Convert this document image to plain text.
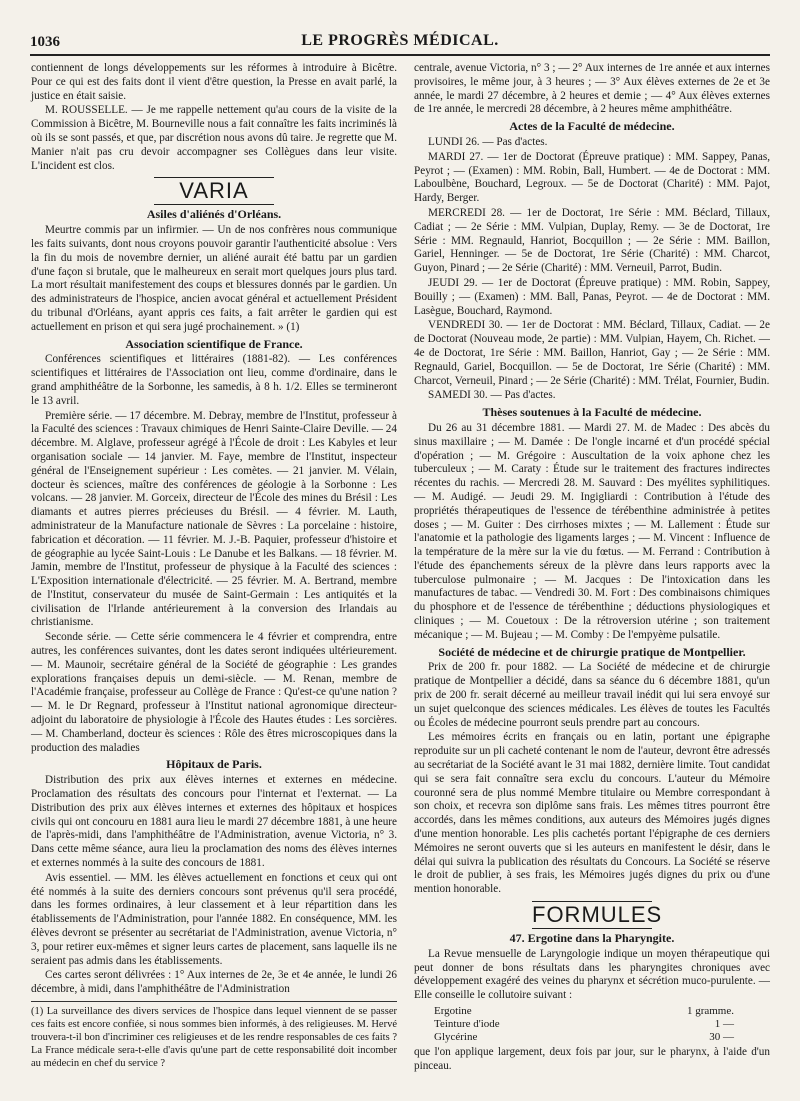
1036	LE PROGRÈS MÉDICAL.

contiennent de longs développements sur les réformes à introduire à Bicêtre. Pour ce qui est des faits dont il vient d'être question, la Presse en avait parlé, la justice en était saisie.

M. ROUSSELLE. — Je me rappelle nettement qu'au cours de la visite de la Commission à Bicêtre, M. Bourneville nous a fait connaître les faits incriminés là où ils se sont passés, et que, par discrétion nous avons dû taire. Je regrette que M. Manier n'ait pas cru devoir accompagner ses Collègues dans leur visite. L'incident est clos.

VARIA
Asiles d'aliénés d'Orléans.

Meurtre commis par un infirmier. — Un de nos confrères nous communique les faits suivants, dont nous croyons pouvoir garantir l'authenticité absolue : Vers la fin du mois de novembre dernier, un aliéné aurait été battu par un gardien d'une façon si brutale, que le malheureux en serait mort quelques jours plus tard. La mort résultait manifestement des coups et blessures donnés par le gardien. Un des administrateurs de l'hospice, ancien avocat général et actuellement Président du tribunal d'Orléans, ayant appris ces faits, a fait arrêter le gardien qui est actuellement en prison et qui sera jugé prochainement. » (1)

Association scientifique de France.

Conférences scientifiques et littéraires (1881-82). — Les conférences scientifiques et littéraires de l'Association ont lieu, comme d'ordinaire, dans le grand amphithéâtre de la Sorbonne, les samedis, à 8 h. 1/2. Elles se termineront le 13 avril.

Première série. — 17 décembre. M. Debray, membre de l'Institut, professeur à la Faculté des sciences : Travaux chimiques de Henri Sainte-Claire Deville. — 24 décembre. M. Alglave, professeur agrégé à l'École de droit : Les Kabyles et leur organisation sociale — 14 janvier. M. Faye, membre de l'Institut, inspecteur général de l'Enseignement supérieur : Les comètes. — 21 janvier. M. Vélain, docteur ès sciences, maître des conférences de géologie à la Sorbonne : Les volcans. — 28 janvier. M. Gorceix, directeur de l'École des mines du Brésil : Les diamants et autres pierres précieuses du Brésil. — 4 février. M. Lauth, administrateur de la Manufacture nationale de Sèvres : La porcelaine : histoire, fabrication et décoration. — 11 février. M. J.-B. Paquier, professeur d'histoire et de géographie au lycée Saint-Louis : Le Danube et les Balkans. — 18 février. M. Jamin, membre de l'Institut, professeur de physique à la Faculté des sciences : L'Exposition internationale d'électricité. — 25 février. M. A. Bertrand, membre de l'Institut, conservateur du musée de Saint-Germain : Les antiquités et la civilisation de l'Irlande antérieurement à la conversion des Irlandais au christianisme.

Seconde série. — Cette série commencera le 4 février et comprendra, entre autres, les conférences suivantes, dont les dates seront indiquées ultérieurement. — M. Maunoir, secrétaire général de la Société de géographie : Les grandes explorations françaises depuis un demi-siècle. — M. Renan, membre de l'Académie française, professeur au Collège de France : Qu'est-ce qu'une nation ? — M. le Dr Regnard, professeur à l'Institut national agronomique directeur-adjoint du laboratoire de physiologie à l'École des Hautes études : Les sorcières. — M. Chamberland, docteur ès sciences : Rôle des êtres microscopiques dans la production des maladies

Hôpitaux de Paris.

Distribution des prix aux élèves internes et externes en médecine. Proclamation des résultats des concours pour l'internat et l'externat. — La Distribution des prix aux élèves internes et externes des hôpitaux et hospices civils qui ont concouru en 1881 aura lieu le mardi 27 décembre 1881, à une heure de l'après-midi, dans l'amphithéâtre de l'Administration, avenue Victoria, n° 3. Dans cette même séance, aura lieu la proclamation des noms des élèves internes et externes nommés à la suite des concours de 1881.

Avis essentiel. — MM. les élèves actuellement en fonctions et ceux qui ont été nommés à la suite des derniers concours sont prévenus qu'il sera procédé, dans les formes ordinaires, à leur classement et à leur répartition dans les établissements de l'Administration, pour l'année 1882. En conséquence, MM. les élèves devront se présenter au secrétariat de l'Administration, avenue Victoria, n° 3, pour retirer eux-mêmes et signer leurs cartes de placement, sans laquelle ils ne seraient pas admis dans les établissements.

Ces cartes seront délivrées : 1° Aux internes de 2e, 3e et 4e année, le lundi 26 décembre, à midi, dans l'amphithéâtre de l'Administration

(1) La surveillance des divers services de l'hospice dans lequel viennent de se passer ces faits est encore confiée, si nous sommes bien informés, à des religieuses. M. Hervé trouvera-t-il bon d'incriminer ces religieuses et de les rendre responsables de ces faits ? La France médicale sera-t-elle d'avis qu'une part de cette responsabilité doit incomber au médecin en chef du service ?

centrale, avenue Victoria, n° 3 ; — 2° Aux internes de 1re année et aux internes provisoires, le même jour, à 3 heures ; — 3° Aux élèves externes de 2e et 3e année, le mardi 27 décembre, à 2 heures et demie ; — 4° Aux élèves externes de 1re année, le mercredi 28 décembre, à 2 heures même amphithéâtre.

Actes de la Faculté de médecine.

LUNDI 26. — Pas d'actes.

MARDI 27. — 1er de Doctorat (Épreuve pratique) : MM. Sappey, Panas, Peyrot ; — (Examen) : MM. Robin, Ball, Humbert. — 4e de Doctorat : MM. Laboulbène, Bouchard, Legroux. — 5e de Doctorat (Charité) : MM. Pajot, Hardy, Berger.

MERCREDI 28. — 1er de Doctorat, 1re Série : MM. Béclard, Tillaux, Cadiat ; — 2e Série : MM. Vulpian, Duplay, Remy. — 3e de Doctorat, 1re Série : MM. Regnauld, Hanriot, Bocquillon ; — 2e Série : MM. Baillon, Gariel, Henninger. — 5e de Doctorat, 1re Série (Charité) : MM. Charcot, Guyon, Pinard ; — 2e Série (Charité) : MM. Verneuil, Parrot, Budin.

JEUDI 29. — 1er de Doctorat (Épreuve pratique) : MM. Robin, Sappey, Bouilly ; — (Examen) : MM. Ball, Panas, Peyrot. — 4e de Doctorat : MM. Lasègue, Bouchard, Raymond.

VENDREDI 30. — 1er de Doctorat : MM. Béclard, Tillaux, Cadiat. — 2e de Doctorat (Nouveau mode, 2e partie) : MM. Vulpian, Hayem, Ch. Richet. — 4e de Doctorat, 1re Série : MM. Baillon, Hanriot, Gay ; — 2e Série : MM. Regnauld, Gariel, Bocquillon. — 5e de Doctorat, 1re Série (Charité) : MM. Charcot, Verneuil, Pinard ; — 2e Série (Charité) : MM. Trélat, Fournier, Budin.

SAMEDI 30. — Pas d'actes.

Thèses soutenues à la Faculté de médecine.

Du 26 au 31 décembre 1881. — Mardi 27. M. de Madec : Des abcès du sinus maxillaire ; — M. Damée : De l'ongle incarné et d'un procédé spécial d'opération ; — M. Grégoire : Auscultation de la voix aphone chez les tuberculeux ; — M. Caraty : Étude sur le traitement des fractures indirectes récentes du rachis. — Mercredi 28. M. Sauvard : Des myélites syphilitiques. — M. Audigé. — Jeudi 29. M. Ingigliardi : Contribution à l'étude des propriétés thérapeutiques de l'essence de térébenthine administrée à petites doses ; — M. Guiter : Des cirrhoses mixtes ; — M. Lallement : Étude sur l'anatomie et la pathologie des ligaments larges ; — M. Vincent : Influence de la température de la mère sur la vie du fœtus. — M. Ferrand : Contribution à l'étude des épanchements séreux de la plèvre dans leurs rapports avec la tuberculose pulmonaire ; — M. Jacques : De l'intoxication dans les manufactures de tabac. — Vendredi 30. M. Fort : Des combinaisons chimiques du phosphore et de l'essence de térébenthine ; déductions physiologiques et cliniques ; — M. Couetoux : De la rétroversion utérine ; son traitement mécanique ; — M. Bujeau ; — M. Comby : De l'empyème pulsatile.

Société de médecine et de chirurgie pratique de Montpellier.

Prix de 200 fr. pour 1882. — La Société de médecine et de chirurgie pratique de Montpellier a décidé, dans sa séance du 6 décembre 1881, qu'un prix de 200 fr. serait décerné au meilleur travail inédit qui lui sera envoyé sur un sujet quelconque des sciences médicales. Les élèves de toutes les Facultés ou Écoles de médecine pourront seuls prendre part au concours.

Les mémoires écrits en français ou en latin, portant une épigraphe reproduite sur un pli cacheté contenant le nom de l'auteur, devront être adressés au secrétariat de la Société avant le 31 mai 1882, dernière limite. Tout candidat qui se sera fait connaître sera exclu du concours. L'auteur du Mémoire couronné sera de plus nommé Membre titulaire ou Membre correspondant à son choix, et recevra son diplôme sans frais. Les mêmes titres pourront être accordés, dans les mêmes conditions, aux auteurs des Mémoires jugés dignes d'une mention honorable. Les plis cachetés portant l'épigraphe de ces derniers Mémoires ne seront ouverts que si les auteurs en manifestent le désir, dans le délai qui suivra la publication des résultats du Concours. La Société se réserve le droit de publier, à ses frais, les Mémoires jugés dignes du prix ou d'une mention honorable.

FORMULES
47. Ergotine dans la Pharyngite.

La Revue mensuelle de Laryngologie indique un moyen thérapeutique qui peut donner de bons résultats dans les pharyngites chroniques avec développement exagéré des veines du pharynx et sécrétion muco-purulente. — Elle conseille le collutoire suivant :

Ergotine	1 gramme.
Teinture d'iode	1 —
Glycérine	30 —

que l'on applique largement, deux fois par jour, sur le pharynx, à l'aide d'un pinceau.
